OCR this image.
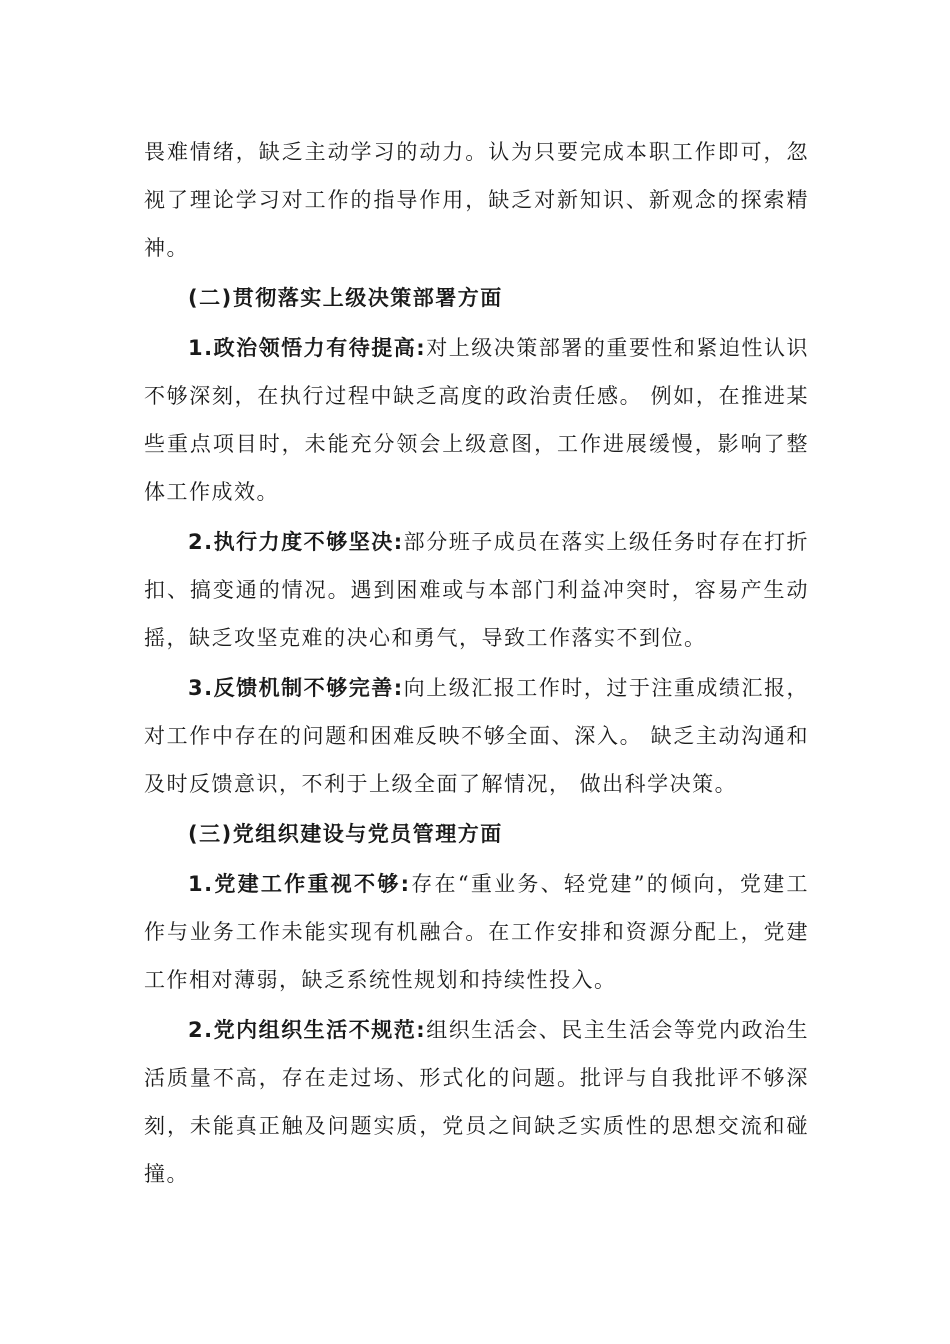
畏难情绪，缺乏主动学习的动力。认为只要完成本职工作即可，忽视了理论学习对工作的指导作用，缺乏对新知识、新观念的探索精神。

(二)贯彻落实上级决策部署方面

1.政治领悟力有待提高:对上级决策部署的重要性和紧迫性认识不够深刻，在执行过程中缺乏高度的政治责任感。 例如，在推进某些重点项目时，未能充分领会上级意图，工作进展缓慢，影响了整体工作成效。

2.执行力度不够坚决:部分班子成员在落实上级任务时存在打折扣、搞变通的情况。遇到困难或与本部门利益冲突时，容易产生动摇，缺乏攻坚克难的决心和勇气，导致工作落实不到位。

3.反馈机制不够完善:向上级汇报工作时，过于注重成绩汇报，对工作中存在的问题和困难反映不够全面、深入。 缺乏主动沟通和及时反馈意识，不利于上级全面了解情况， 做出科学决策。

(三)党组织建设与党员管理方面

1.党建工作重视不够:存在“重业务、轻党建”的倾向，党建工作与业务工作未能实现有机融合。在工作安排和资源分配上，党建工作相对薄弱，缺乏系统性规划和持续性投入。

2.党内组织生活不规范:组织生活会、民主生活会等党内政治生活质量不高，存在走过场、形式化的问题。批评与自我批评不够深刻，未能真正触及问题实质，党员之间缺乏实质性的思想交流和碰撞。
